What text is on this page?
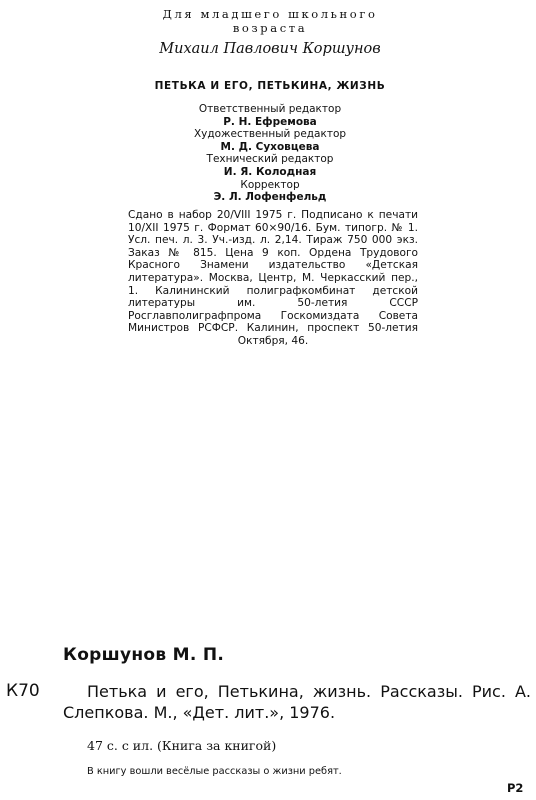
Для младшего школьного
возраста
Михаил Павлович Коршунов
ПЕТЬКА И ЕГО, ПЕТЬКИНА, ЖИЗНЬ
Ответственный редактор
Р. Н. Ефремова
Художественный редактор
М. Д. Суховцева
Технический редактор
И. Я. Колодная
Корректор
Э. Л. Лофенфельд
Сдано в набор 20/VIII 1975 г. Подписано к печати 10/XII 1975 г. Формат 60×90/16. Бум. типогр. № 1. Усл. печ. л. 3. Уч.-изд. л. 2,14. Тираж 750 000 экз. Заказ № 815. Цена 9 коп. Ордена Трудового Красного Знамени издательство «Детская литература». Москва, Центр, М. Черкасский пер., 1. Калининский полиграфкомбинат детской литературы им. 50-летия СССР Росглавполиграфпрома Госкомиздата Совета Министров РСФСР. Калинин, проспект 50-летия Октября, 46.
Коршунов М. П.
К70	Петька и его, Петькина, жизнь. Рассказы. Рис. А. Слепкова. М., «Дет. лит.», 1976.
47 с. с ил. (Книга за книгой)
В книгу вошли весёлые рассказы о жизни ребят.
Р2
